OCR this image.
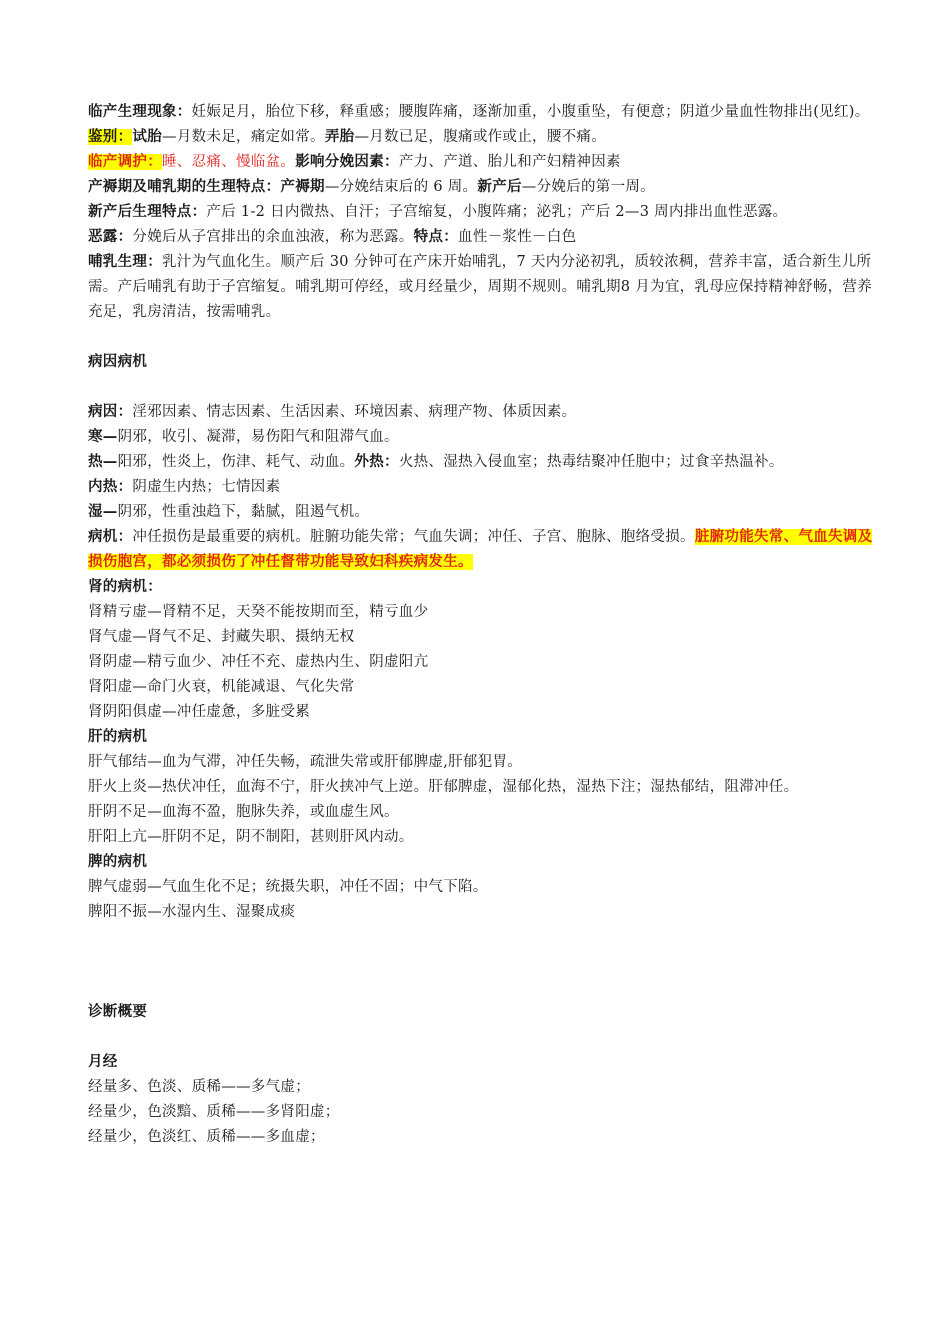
临产生理现象：妊娠足月，胎位下移，释重感；腰腹阵痛，逐渐加重，小腹重坠，有便意；阴道少量血性物排出(见红)。

鉴别：试胎—月数未足，痛定如常。弄胎—月数已足，腹痛或作或止，腰不痛。

临产调护：睡、忍痛、慢临盆。影响分娩因素：产力、产道、胎儿和产妇精神因素

产褥期及哺乳期的生理特点：产褥期—分娩结束后的 6 周。新产后—分娩后的第一周。

新产后生理特点：产后 1-2 日内微热、自汗；子宫缩复，小腹阵痛；泌乳；产后 2—3 周内排出血性恶露。

恶露：分娩后从子宫排出的余血浊液，称为恶露。特点：血性－浆性－白色

哺乳生理：乳汁为气血化生。顺产后 30 分钟可在产床开始哺乳，7 天内分泌初乳，质较浓稠，营养丰富，适合新生儿所需。产后哺乳有助于子宫缩复。哺乳期可停经，或月经量少，周期不规则。哺乳期8 月为宜，乳母应保持精神舒畅，营养充足，乳房清洁，按需哺乳。

病因病机

病因：淫邪因素、情志因素、生活因素、环境因素、病理产物、体质因素。

寒—阴邪，收引、凝滞，易伤阳气和阻滞气血。

热—阳邪，性炎上，伤津、耗气、动血。外热：火热、湿热入侵血室；热毒结聚冲任胞中；过食辛热温补。

内热：阴虚生内热；七情因素

湿—阴邪，性重浊趋下，黏腻，阻遏气机。

病机：冲任损伤是最重要的病机。脏腑功能失常；气血失调；冲任、子宫、胞脉、胞络受损。脏腑功能失常、气血失调及损伤胞宫，都必须损伤了冲任督带功能导致妇科疾病发生。

肾的病机：

肾精亏虚—肾精不足，天癸不能按期而至，精亏血少

肾气虚—肾气不足、封藏失职、摄纳无权

肾阴虚—精亏血少、冲任不充、虚热内生、阴虚阳亢

肾阳虚—命门火衰，机能减退、气化失常

肾阴阳俱虚—冲任虚惫，多脏受累

肝的病机

肝气郁结—血为气滞，冲任失畅，疏泄失常或肝郁脾虚,肝郁犯胃。

肝火上炎—热伏冲任，血海不宁，肝火挟冲气上逆。肝郁脾虚，湿郁化热，湿热下注；湿热郁结，阻滞冲任。

肝阴不足—血海不盈，胞脉失养，或血虚生风。

肝阳上亢—肝阴不足，阴不制阳，甚则肝风内动。

脾的病机

脾气虚弱—气血生化不足；统摄失职，冲任不固；中气下陷。

脾阳不振—水湿内生、湿聚成痰

诊断概要

月经

经量多、色淡、质稀——多气虚；

经量少，色淡黯、质稀——多肾阳虚；

经量少，色淡红、质稀——多血虚；
